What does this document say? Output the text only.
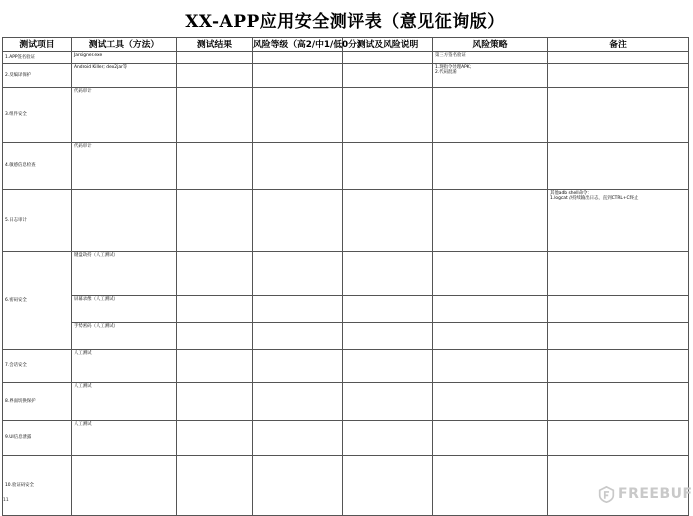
XX-APP应用安全测评表（意见征询版）
测试项目	测试工具（方法）	测试结果	风险等级（高2/中1/低0分）	测试及风险说明	风险策略	备注
1.APP签名验证	Jarsigner.exe				第三方签名验证	
2.反编译保护	Android Killer; dex2jar等				1.现指令处理APK；
2.代码混淆	
3.组件安全	代码审计					
4.敏感信息检查	代码审计					
5.日志审计						其他adb shell命令：
1.logcat //持续输出日志，直到CTRL+C终止
6.密码安全	键盘劫持（人工测试）					
	屏幕录像（人工测试）					
	手势密码（人工测试）					
7.会话安全	人工测试					
8.界面切换保护	人工测试					
9.UI信息泄露	人工测试					
10.验证码安全						
11	FREEBUF
